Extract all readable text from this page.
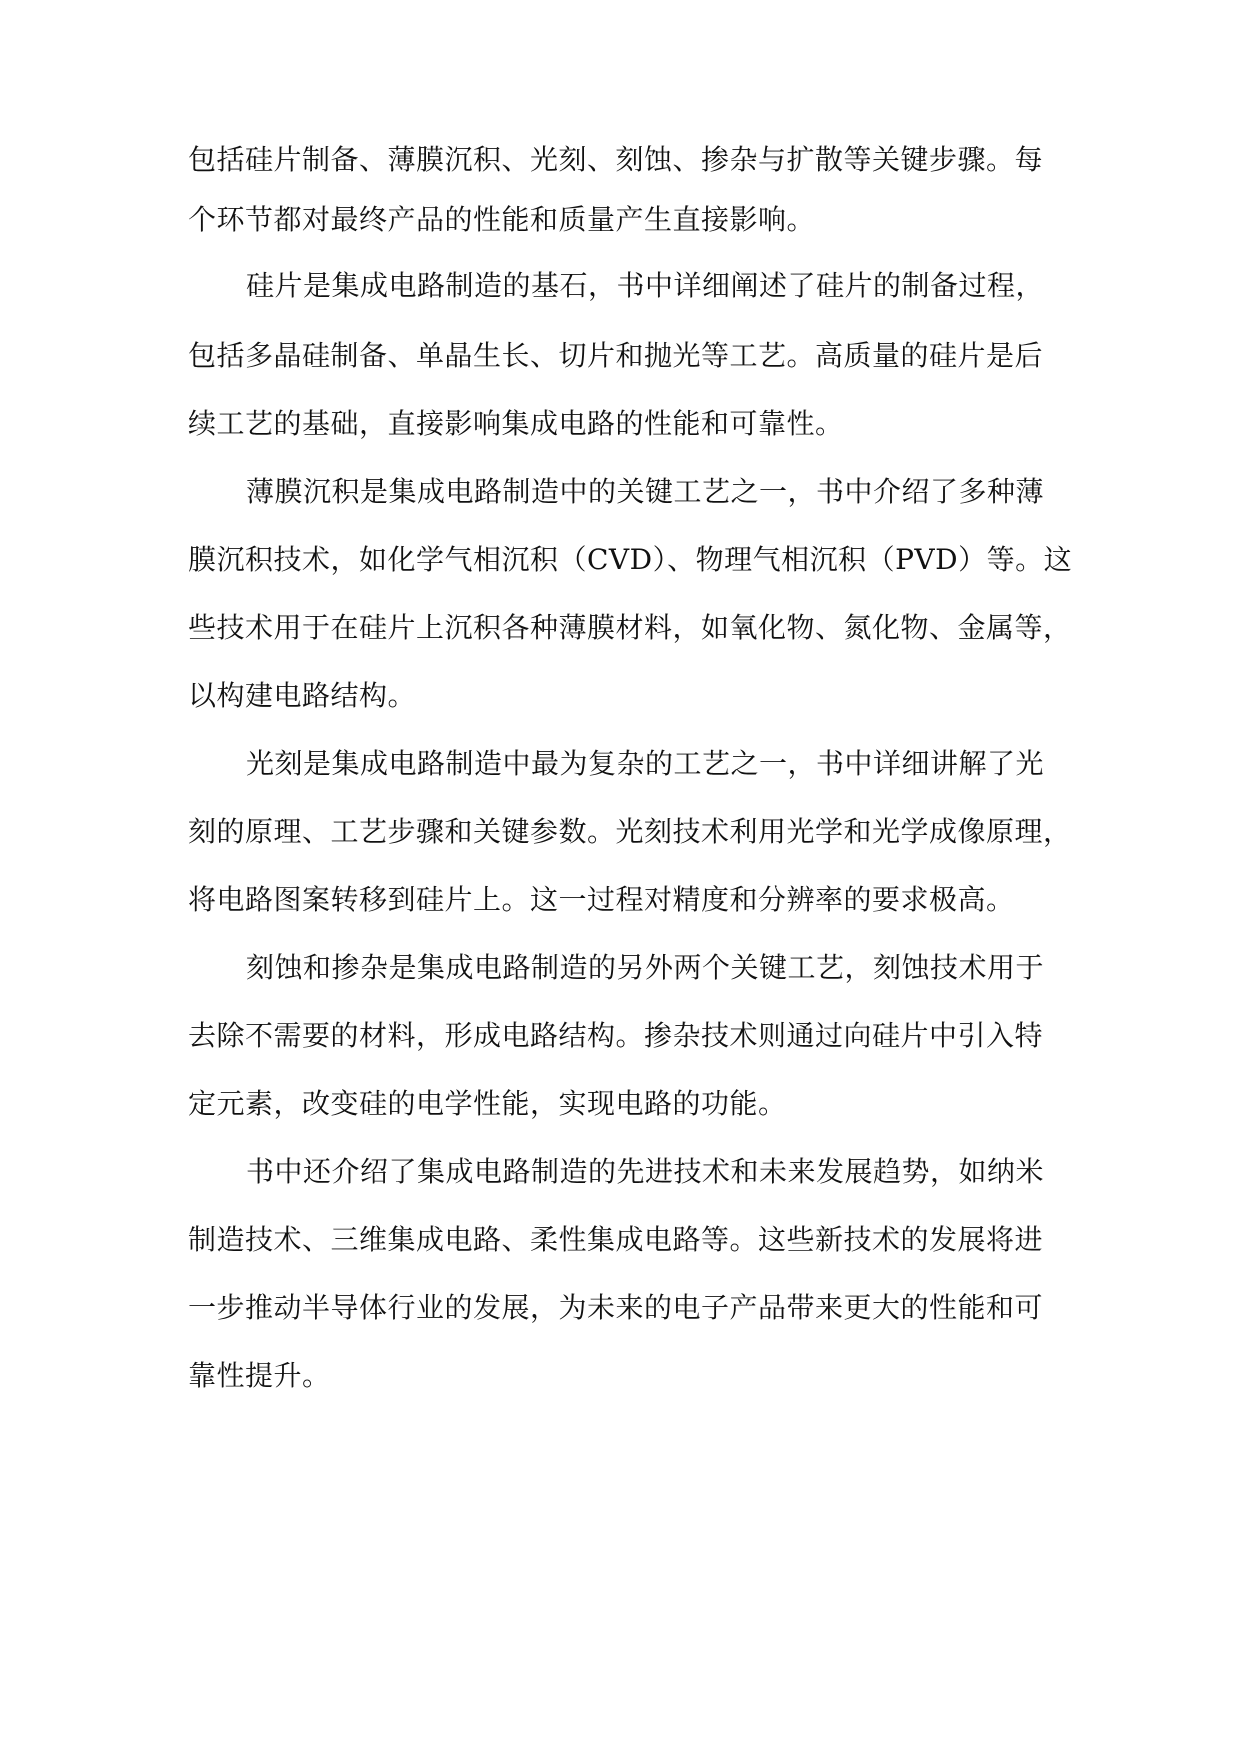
包括硅片制备、薄膜沉积、光刻、刻蚀、掺杂与扩散等关键步骤。每
个环节都对最终产品的性能和质量产生直接影响。
硅片是集成电路制造的基石，书中详细阐述了硅片的制备过程，
包括多晶硅制备、单晶生长、切片和抛光等工艺。高质量的硅片是后
续工艺的基础，直接影响集成电路的性能和可靠性。
薄膜沉积是集成电路制造中的关键工艺之一，书中介绍了多种薄
膜沉积技术，如化学气相沉积（CVD）、物理气相沉积（PVD）等。这
些技术用于在硅片上沉积各种薄膜材料，如氧化物、氮化物、金属等，
以构建电路结构。
光刻是集成电路制造中最为复杂的工艺之一，书中详细讲解了光
刻的原理、工艺步骤和关键参数。光刻技术利用光学和光学成像原理，
将电路图案转移到硅片上。这一过程对精度和分辨率的要求极高。
刻蚀和掺杂是集成电路制造的另外两个关键工艺，刻蚀技术用于
去除不需要的材料，形成电路结构。掺杂技术则通过向硅片中引入特
定元素，改变硅的电学性能，实现电路的功能。
书中还介绍了集成电路制造的先进技术和未来发展趋势，如纳米
制造技术、三维集成电路、柔性集成电路等。这些新技术的发展将进
一步推动半导体行业的发展，为未来的电子产品带来更大的性能和可
靠性提升。
